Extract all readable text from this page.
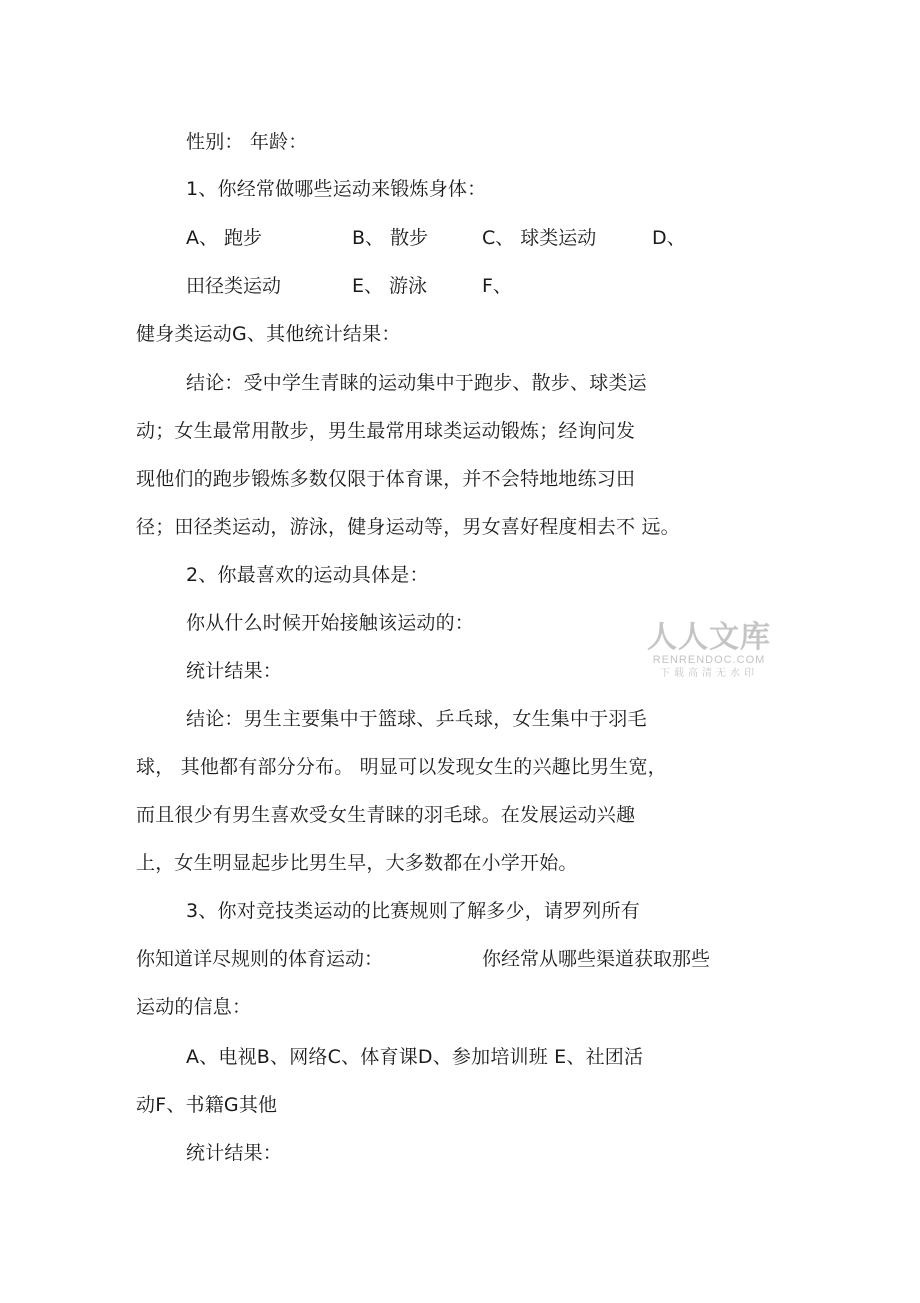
性别： 年龄：
1、你经常做哪些运动来锻炼身体：
A、 跑步	B、 散步	C、 球类运动	D、
田径类运动	E、 游泳	F、
健身类运动G、其他统计结果：
结论：受中学生青睐的运动集中于跑步、散步、球类运
动；女生最常用散步，男生最常用球类运动锻炼；经询问发
现他们的跑步锻炼多数仅限于体育课，并不会特地地练习田
径；田径类运动，游泳，健身运动等，男女喜好程度相去不 远。
2、你最喜欢的运动具体是：
你从什么时候开始接触该运动的：
统计结果：
结论：男生主要集中于篮球、乒乓球，女生集中于羽毛
球， 其他都有部分分布。 明显可以发现女生的兴趣比男生宽，
而且很少有男生喜欢受女生青睐的羽毛球。在发展运动兴趣
上，女生明显起步比男生早，大多数都在小学开始。
3、你对竞技类运动的比赛规则了解多少，请罗列所有
你知道详尽规则的体育运动：	你经常从哪些渠道获取那些
运动的信息：
A、电视B、网络C、体育课D、参加培训班 E、社团活
动F、书籍G其他
统计结果：
人人文库
RENRENDOC.COM
下载高清无水印
